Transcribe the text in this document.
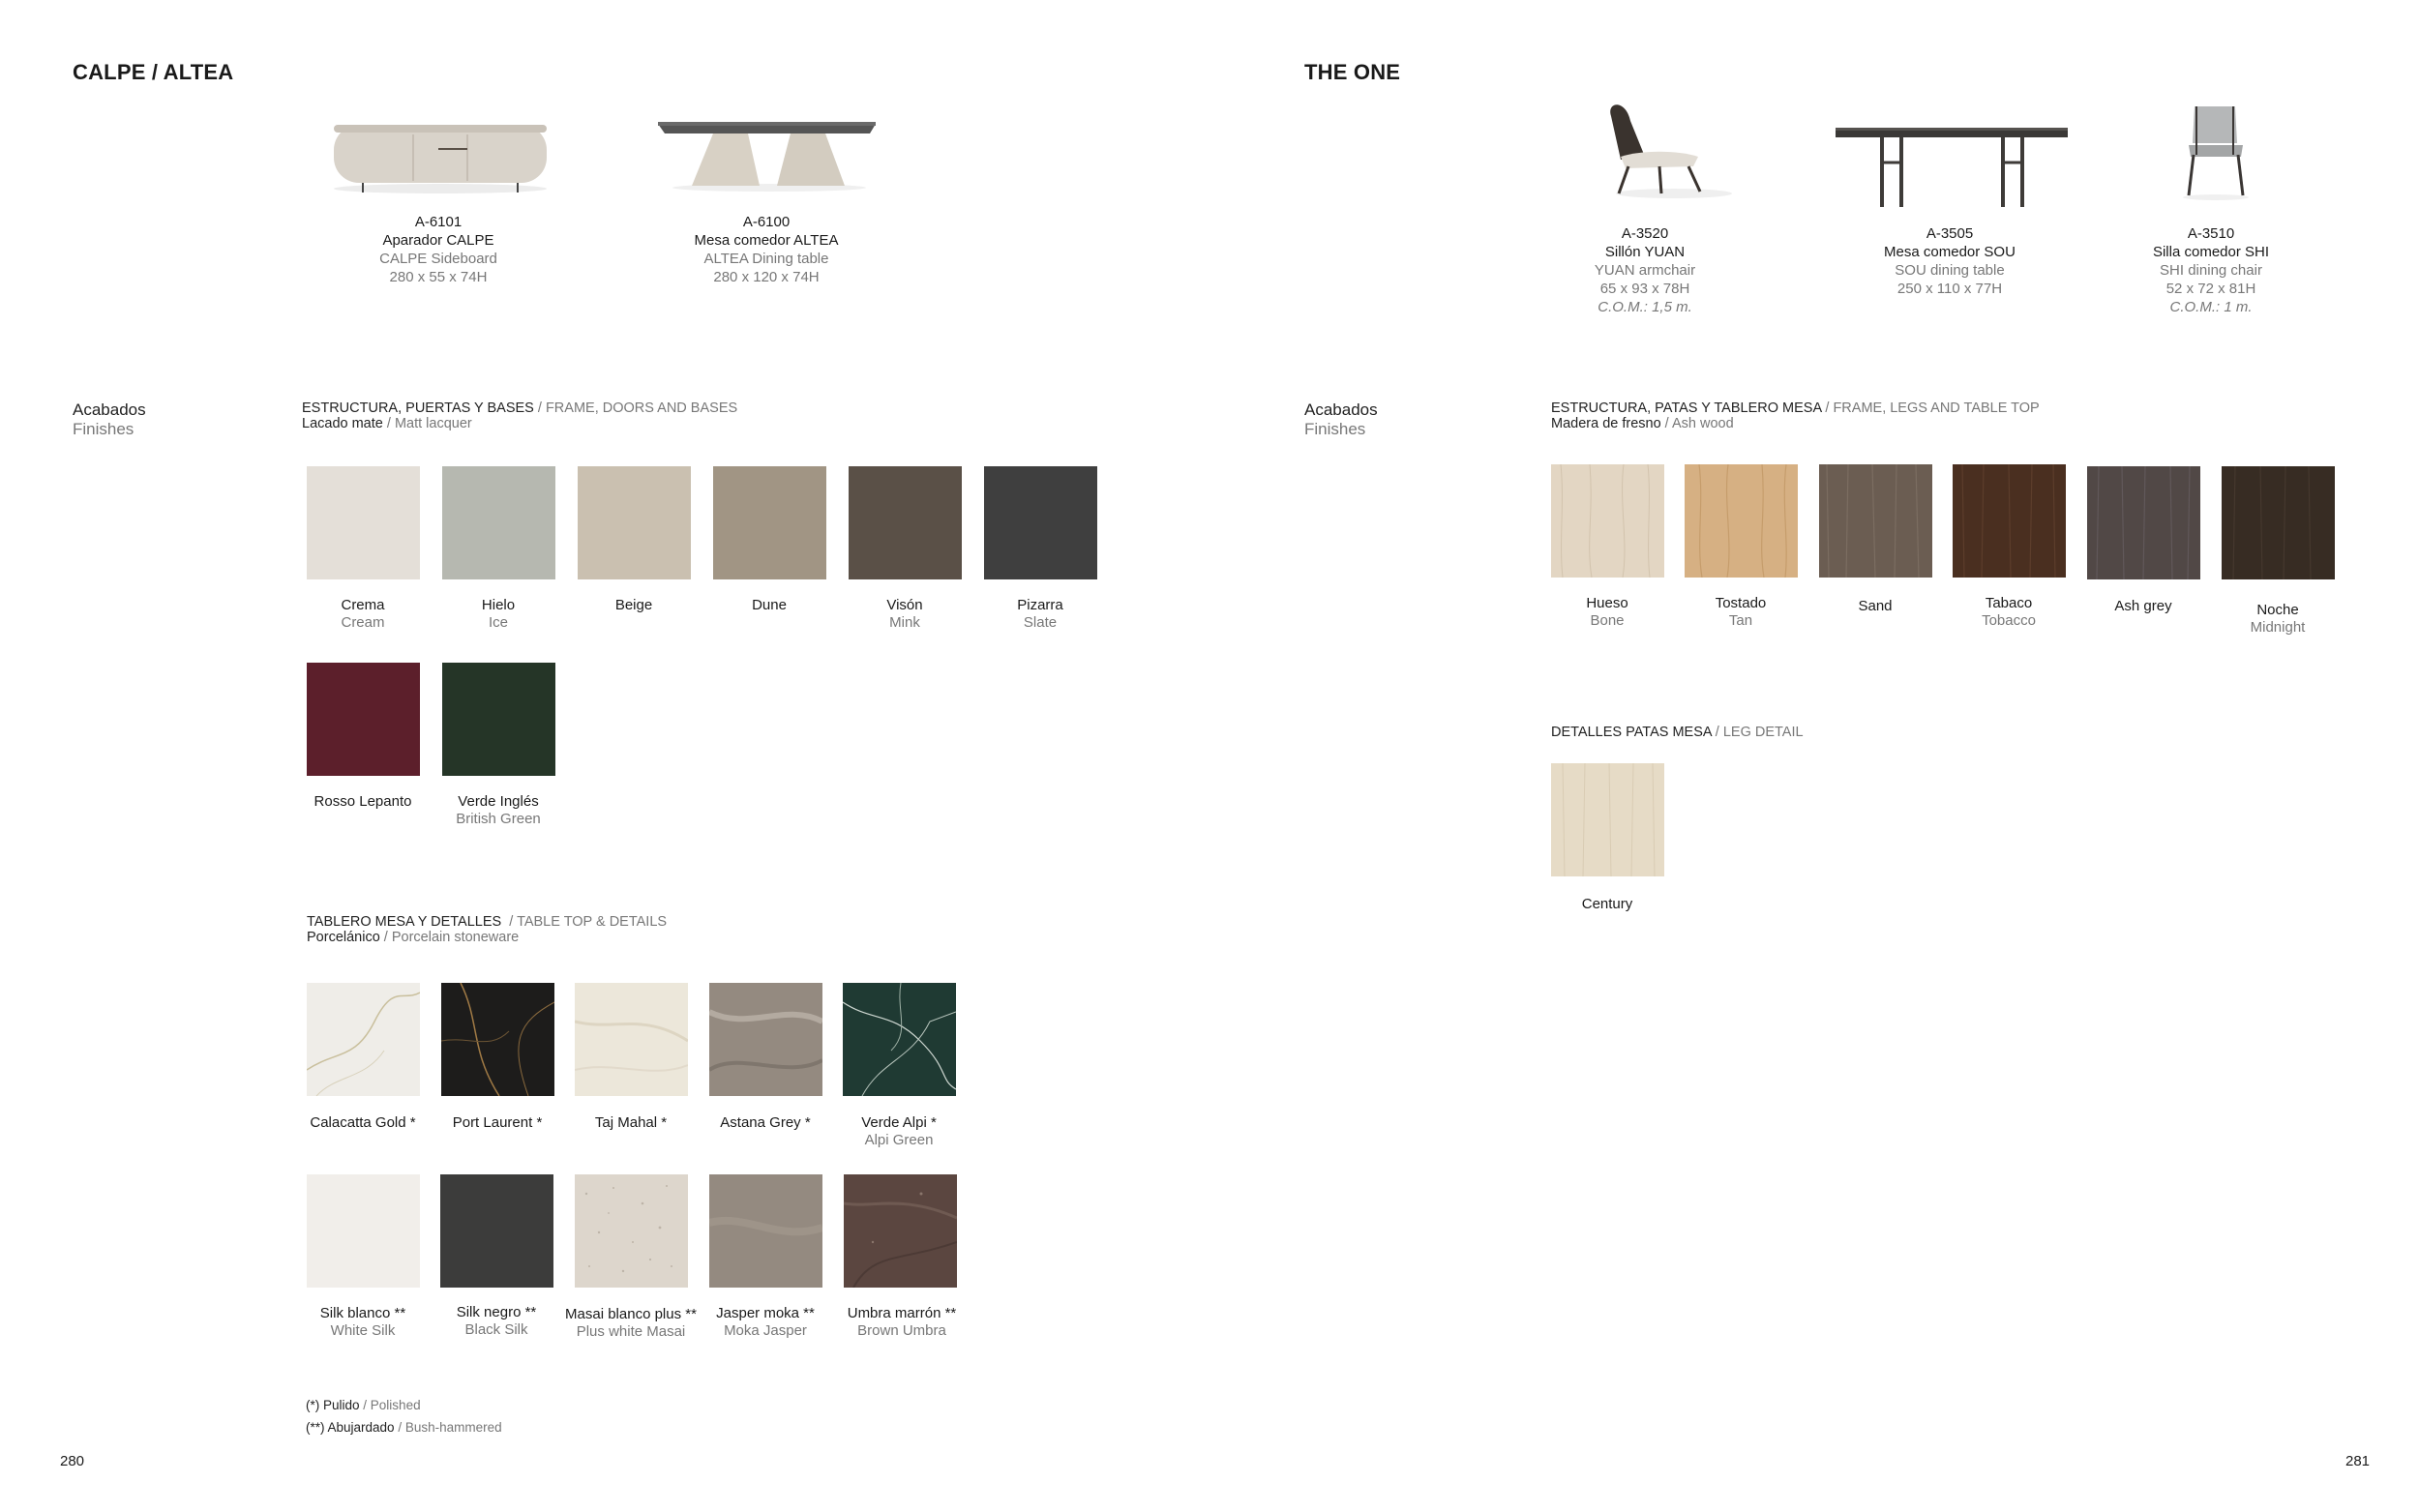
CALPE / ALTEA
A-6101
Aparador CALPE
CALPE Sideboard
280 x 55 x 74H
A-6100
Mesa comedor ALTEA
ALTEA Dining table
280 x 120 x 74H
Acabados
Finishes
ESTRUCTURA, PUERTAS Y BASES / FRAME, DOORS AND BASES
Lacado mate / Matt lacquer
Crema
Cream
Hielo
Ice
Beige	Dune	Visón
Mink
Pizarra
Slate
Rosso Lepanto	Verde Inglés
British Green
TABLERO MESA Y DETALLES  / TABLE TOP & DETAILS
Porcelánico / Porcelain stoneware
Calacatta Gold *	Port Laurent *	Taj Mahal *	Astana Grey *	Verde Alpi *
Alpi Green
Silk blanco **
White Silk
Silk negro **
Black Silk
Masai blanco plus **
Plus white Masai
Jasper moka **
Moka Jasper
Umbra marrón **
Brown Umbra
(*) Pulido / Polished
(**) Abujardado / Bush-hammered
280
THE ONE
A-3520
Sillón YUAN
YUAN armchair
65 x 93 x 78H
C.O.M.: 1,5 m.
A-3505
Mesa comedor SOU
SOU dining table
250 x 110 x 77H
A-3510
Silla comedor SHI
SHI dining chair
52 x 72 x 81H
C.O.M.: 1 m.
Acabados
Finishes
ESTRUCTURA, PATAS Y TABLERO MESA / FRAME, LEGS AND TABLE TOP
Madera de fresno / Ash wood
Hueso
Bone
Tostado
Tan
Sand	Tabaco
Tobacco
Ash grey	Noche
Midnight
DETALLES PATAS MESA / LEG DETAIL
Century
281
